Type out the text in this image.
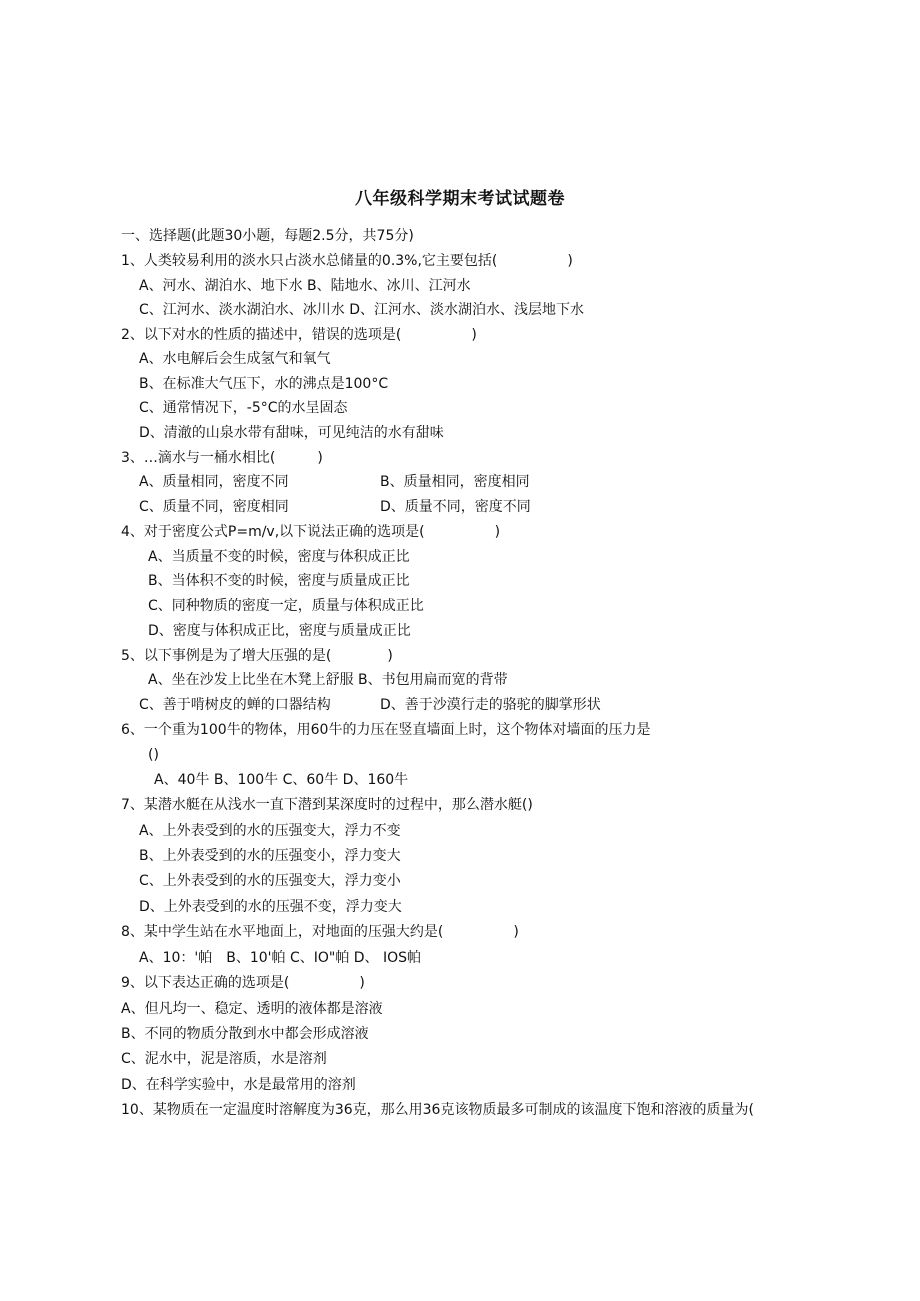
八年级科学期末考试试题卷
一、选择题(此题30小题，每题2.5分，共75分)
1、人类较易利用的淡水只占淡水总储量的0.3%,它主要包括(　　　　　)
A、河水、湖泊水、地下水 B、陆地水、冰川、江河水
C、江河水、淡水湖泊水、冰川水 D、江河水、淡水湖泊水、浅层地下水
2、以下对水的性质的描述中，错误的选项是(　　　　　)
A、水电解后会生成氢气和氧气
B、在标准大气压下，水的沸点是100°C
C、通常情况下，-5°C的水呈固态
D、清澈的山泉水带有甜味，可见纯洁的水有甜味
3、…滴水与一桶水相比(　　　)
A、质量相同，密度不同	B、质量相同，密度相同
C、质量不同，密度相同	D、质量不同，密度不同
4、对于密度公式P=m∕v,以下说法正确的选项是(　　　　　)
A、当质量不变的时候，密度与体积成正比
B、当体积不变的时候，密度与质量成正比
C、同种物质的密度一定，质量与体积成正比
D、密度与体积成正比，密度与质量成正比
5、以下事例是为了增大压强的是(　　　　)
A、坐在沙发上比坐在木凳上舒服 B、书包用扁而宽的背带
C、善于啃树皮的蝉的口器结构	D、善于沙漠行走的骆驼的脚掌形状
6、一个重为100牛的物体，用60牛的力压在竖直墙面上时，这个物体对墙面的压力是
()
A、40牛 B、100牛 C、60牛 D、160牛
7、某潜水艇在从浅水一直下潜到某深度时的过程中，那么潜水艇()
A、上外表受到的水的压强变大，浮力不变
B、上外表受到的水的压强变小，浮力变大
C、上外表受到的水的压强变大，浮力变小
D、上外表受到的水的压强不变，浮力变大
8、某中学生站在水平地面上，对地面的压强大约是(　　　　　)
A、10：'帕　B、10'帕 C、IO"帕 D、 IOS帕
9、以下表达正确的选项是(　　　　　)
A、但凡均一、稳定、透明的液体都是溶液
B、不同的物质分散到水中都会形成溶液
C、泥水中，泥是溶质，水是溶剂
D、在科学实验中，水是最常用的溶剂
10、某物质在一定温度时溶解度为36克，那么用36克该物质最多可制成的该温度下饱和溶液的质量为(
